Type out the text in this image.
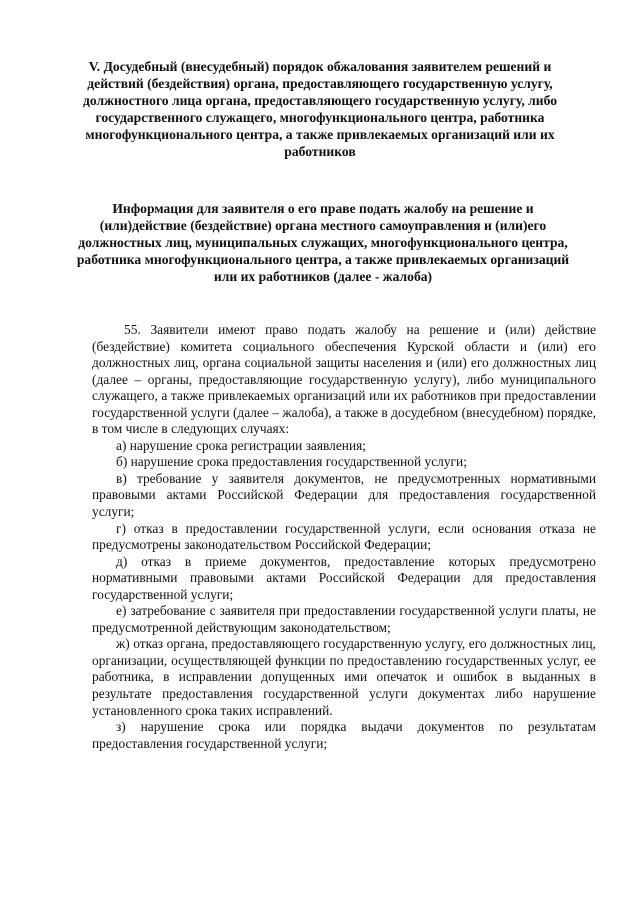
V. Досудебный (внесудебный) порядок обжалования заявителем решений и действий (бездействия) органа, предоставляющего государственную услугу, должностного лица органа, предоставляющего государственную услугу, либо государственного служащего, многофункционального центра, работника многофункционального центра, а также привлекаемых организаций или их работников
Информация для заявителя о его праве подать жалобу на решение и (или)действие (бездействие) органа местного самоуправления и (или)его должностных лиц, муниципальных служащих, многофункционального центра, работника многофункционального центра, а также привлекаемых организаций или их работников (далее - жалоба)

55. Заявители имеют право подать жалобу на решение и (или) действие (бездействие) комитета социального обеспечения Курской области и (или) его должностных лиц, органа социальной защиты населения и (или) его должностных лиц (далее – органы, предоставляющие государственную услугу), либо муниципального служащего, а также привлекаемых организаций или их работников при предоставлении государственной услуги (далее – жалоба), а также в досудебном (внесудебном) порядке, в том числе в следующих случаях:

а) нарушение срока регистрации заявления;

б) нарушение срока предоставления государственной услуги;

в) требование у заявителя документов, не предусмотренных нормативными правовыми актами Российской Федерации для предоставления государственной услуги;

г) отказ в предоставлении государственной услуги, если основания отказа не предусмотрены законодательством Российской Федерации;

д) отказ в приеме документов, предоставление которых предусмотрено нормативными правовыми актами Российской Федерации для предоставления государственной услуги;

е) затребование с заявителя при предоставлении государственной услуги платы, не предусмотренной действующим законодательством;

ж) отказ органа, предоставляющего государственную услугу, его должностных лиц, организации, осуществляющей функции по предоставлению государственных услуг, ее работника, в исправлении допущенных ими опечаток и ошибок в выданных в результате предоставления государственной услуги документах либо нарушение установленного срока таких исправлений.

з) нарушение срока или порядка выдачи документов по результатам предоставления государственной услуги;
